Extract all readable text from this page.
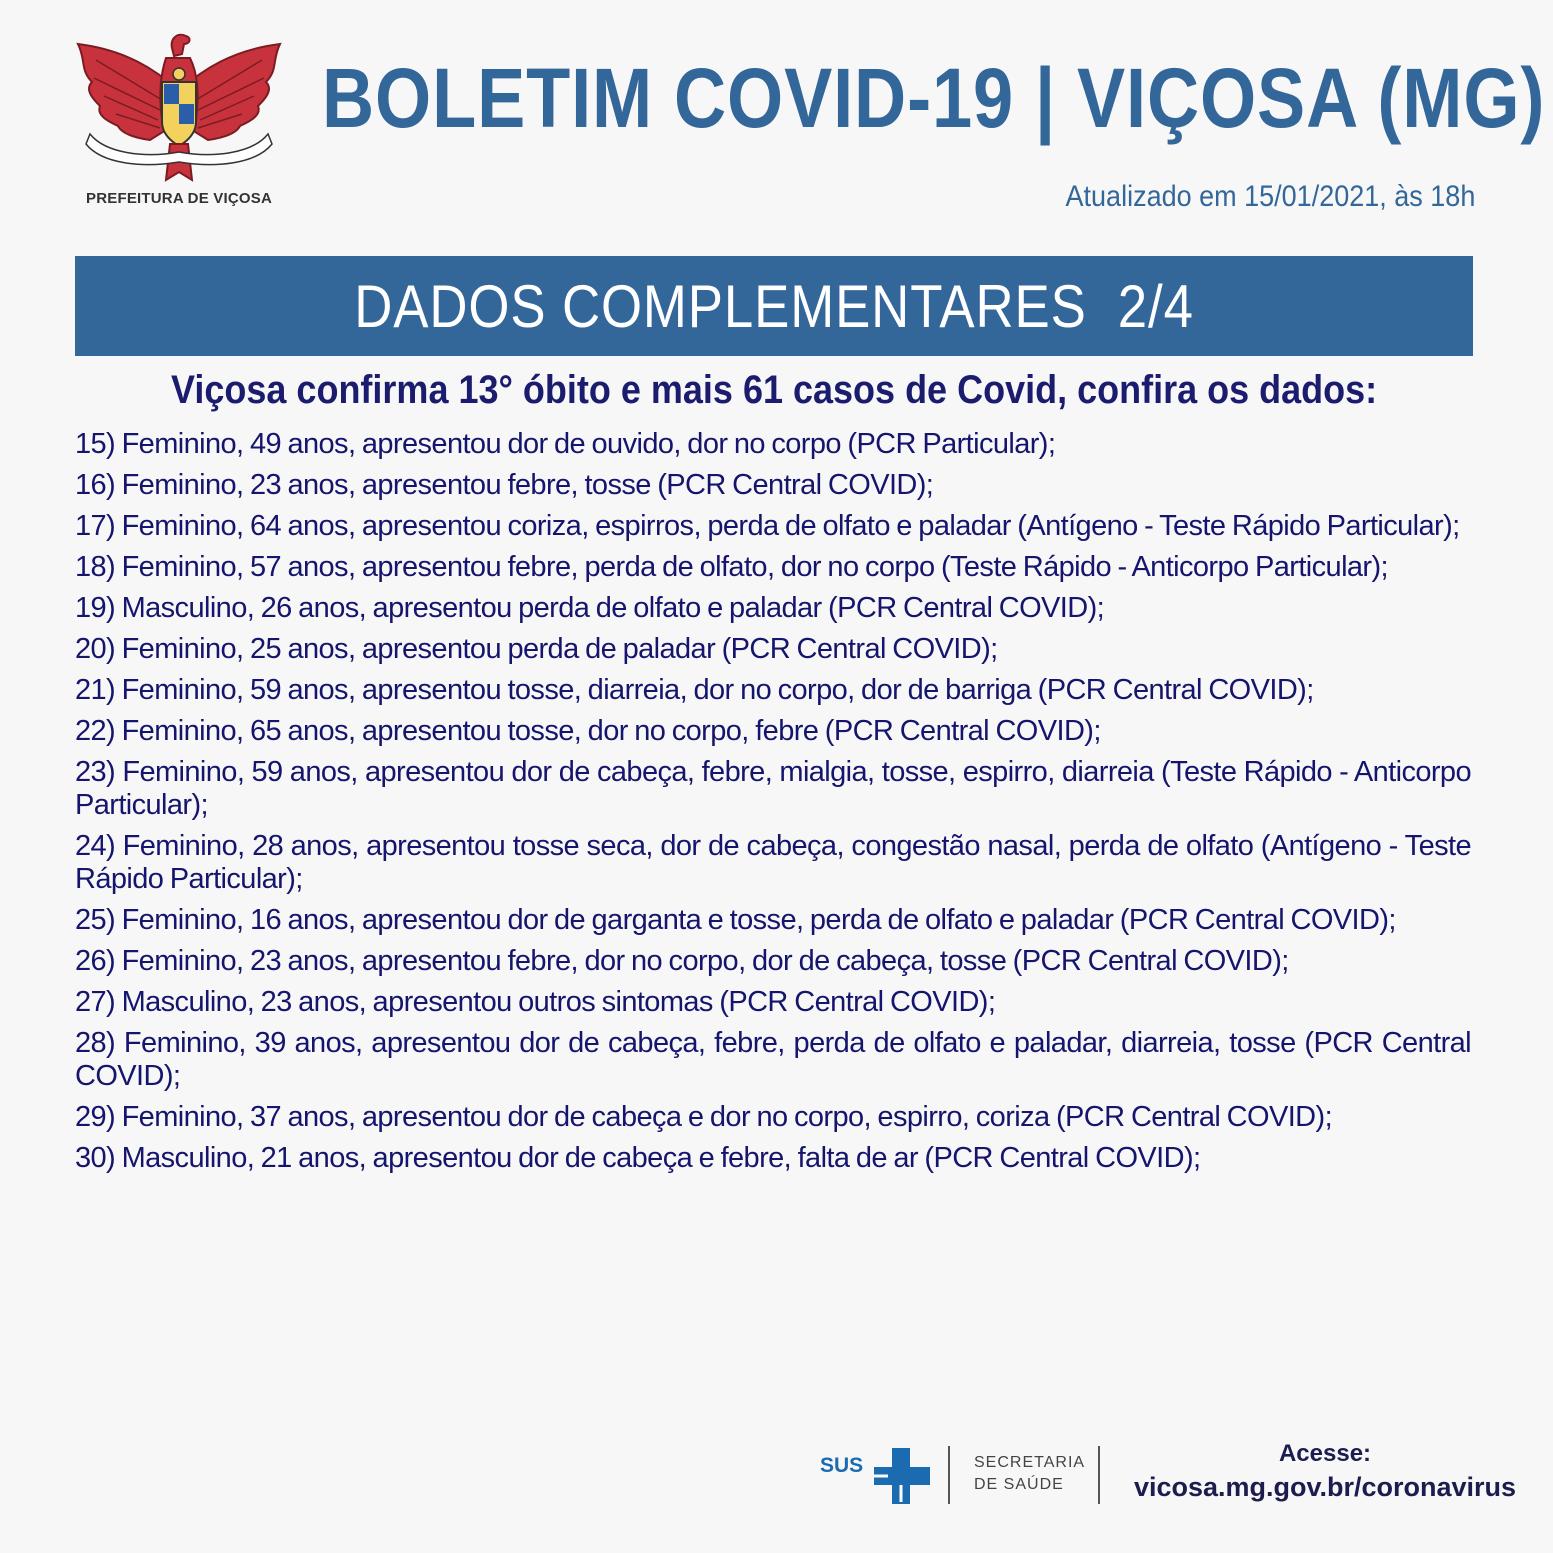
PREFEITURA DE VIÇOSA
BOLETIM COVID-19 | VIÇOSA (MG)
Atualizado em 15/01/2021, às 18h
DADOS COMPLEMENTARES  2/4
Viçosa confirma 13° óbito e mais 61 casos de Covid, confira os dados:
15) Feminino, 49 anos, apresentou dor de ouvido, dor no corpo (PCR Particular);
16) Feminino, 23 anos, apresentou febre, tosse (PCR Central COVID);
17) Feminino, 64 anos, apresentou coriza, espirros, perda de olfato e paladar (Antígeno - Teste Rápido Particular);
18) Feminino, 57 anos, apresentou febre, perda de olfato, dor no corpo (Teste Rápido - Anticorpo Particular);
19) Masculino, 26 anos, apresentou perda de olfato e paladar (PCR Central COVID);
20) Feminino, 25 anos, apresentou perda de paladar (PCR Central COVID);
21) Feminino, 59 anos, apresentou tosse, diarreia, dor no corpo, dor de barriga (PCR Central COVID);
22) Feminino, 65 anos, apresentou tosse, dor no corpo, febre (PCR Central COVID);
23) Feminino, 59 anos, apresentou dor de cabeça, febre, mialgia, tosse, espirro, diarreia (Teste Rápido - Anticorpo Particular);
24) Feminino, 28 anos, apresentou tosse seca, dor de cabeça, congestão nasal, perda de olfato (Antígeno - Teste Rápido Particular);
25) Feminino, 16 anos, apresentou dor de garganta e tosse, perda de olfato e paladar (PCR Central COVID);
26) Feminino, 23 anos, apresentou febre, dor no corpo, dor de cabeça, tosse (PCR Central COVID);
27) Masculino, 23 anos, apresentou outros sintomas (PCR Central COVID);
28) Feminino, 39 anos, apresentou dor de cabeça, febre, perda de olfato e paladar, diarreia, tosse (PCR Central COVID);
29) Feminino, 37 anos, apresentou dor de cabeça e dor no corpo, espirro, coriza (PCR Central COVID);
30) Masculino, 21 anos, apresentou dor de cabeça e febre, falta de ar (PCR Central COVID);
SUS	SECRETARIA
DE SAÚDE
Acesse:
vicosa.mg.gov.br/coronavirus
